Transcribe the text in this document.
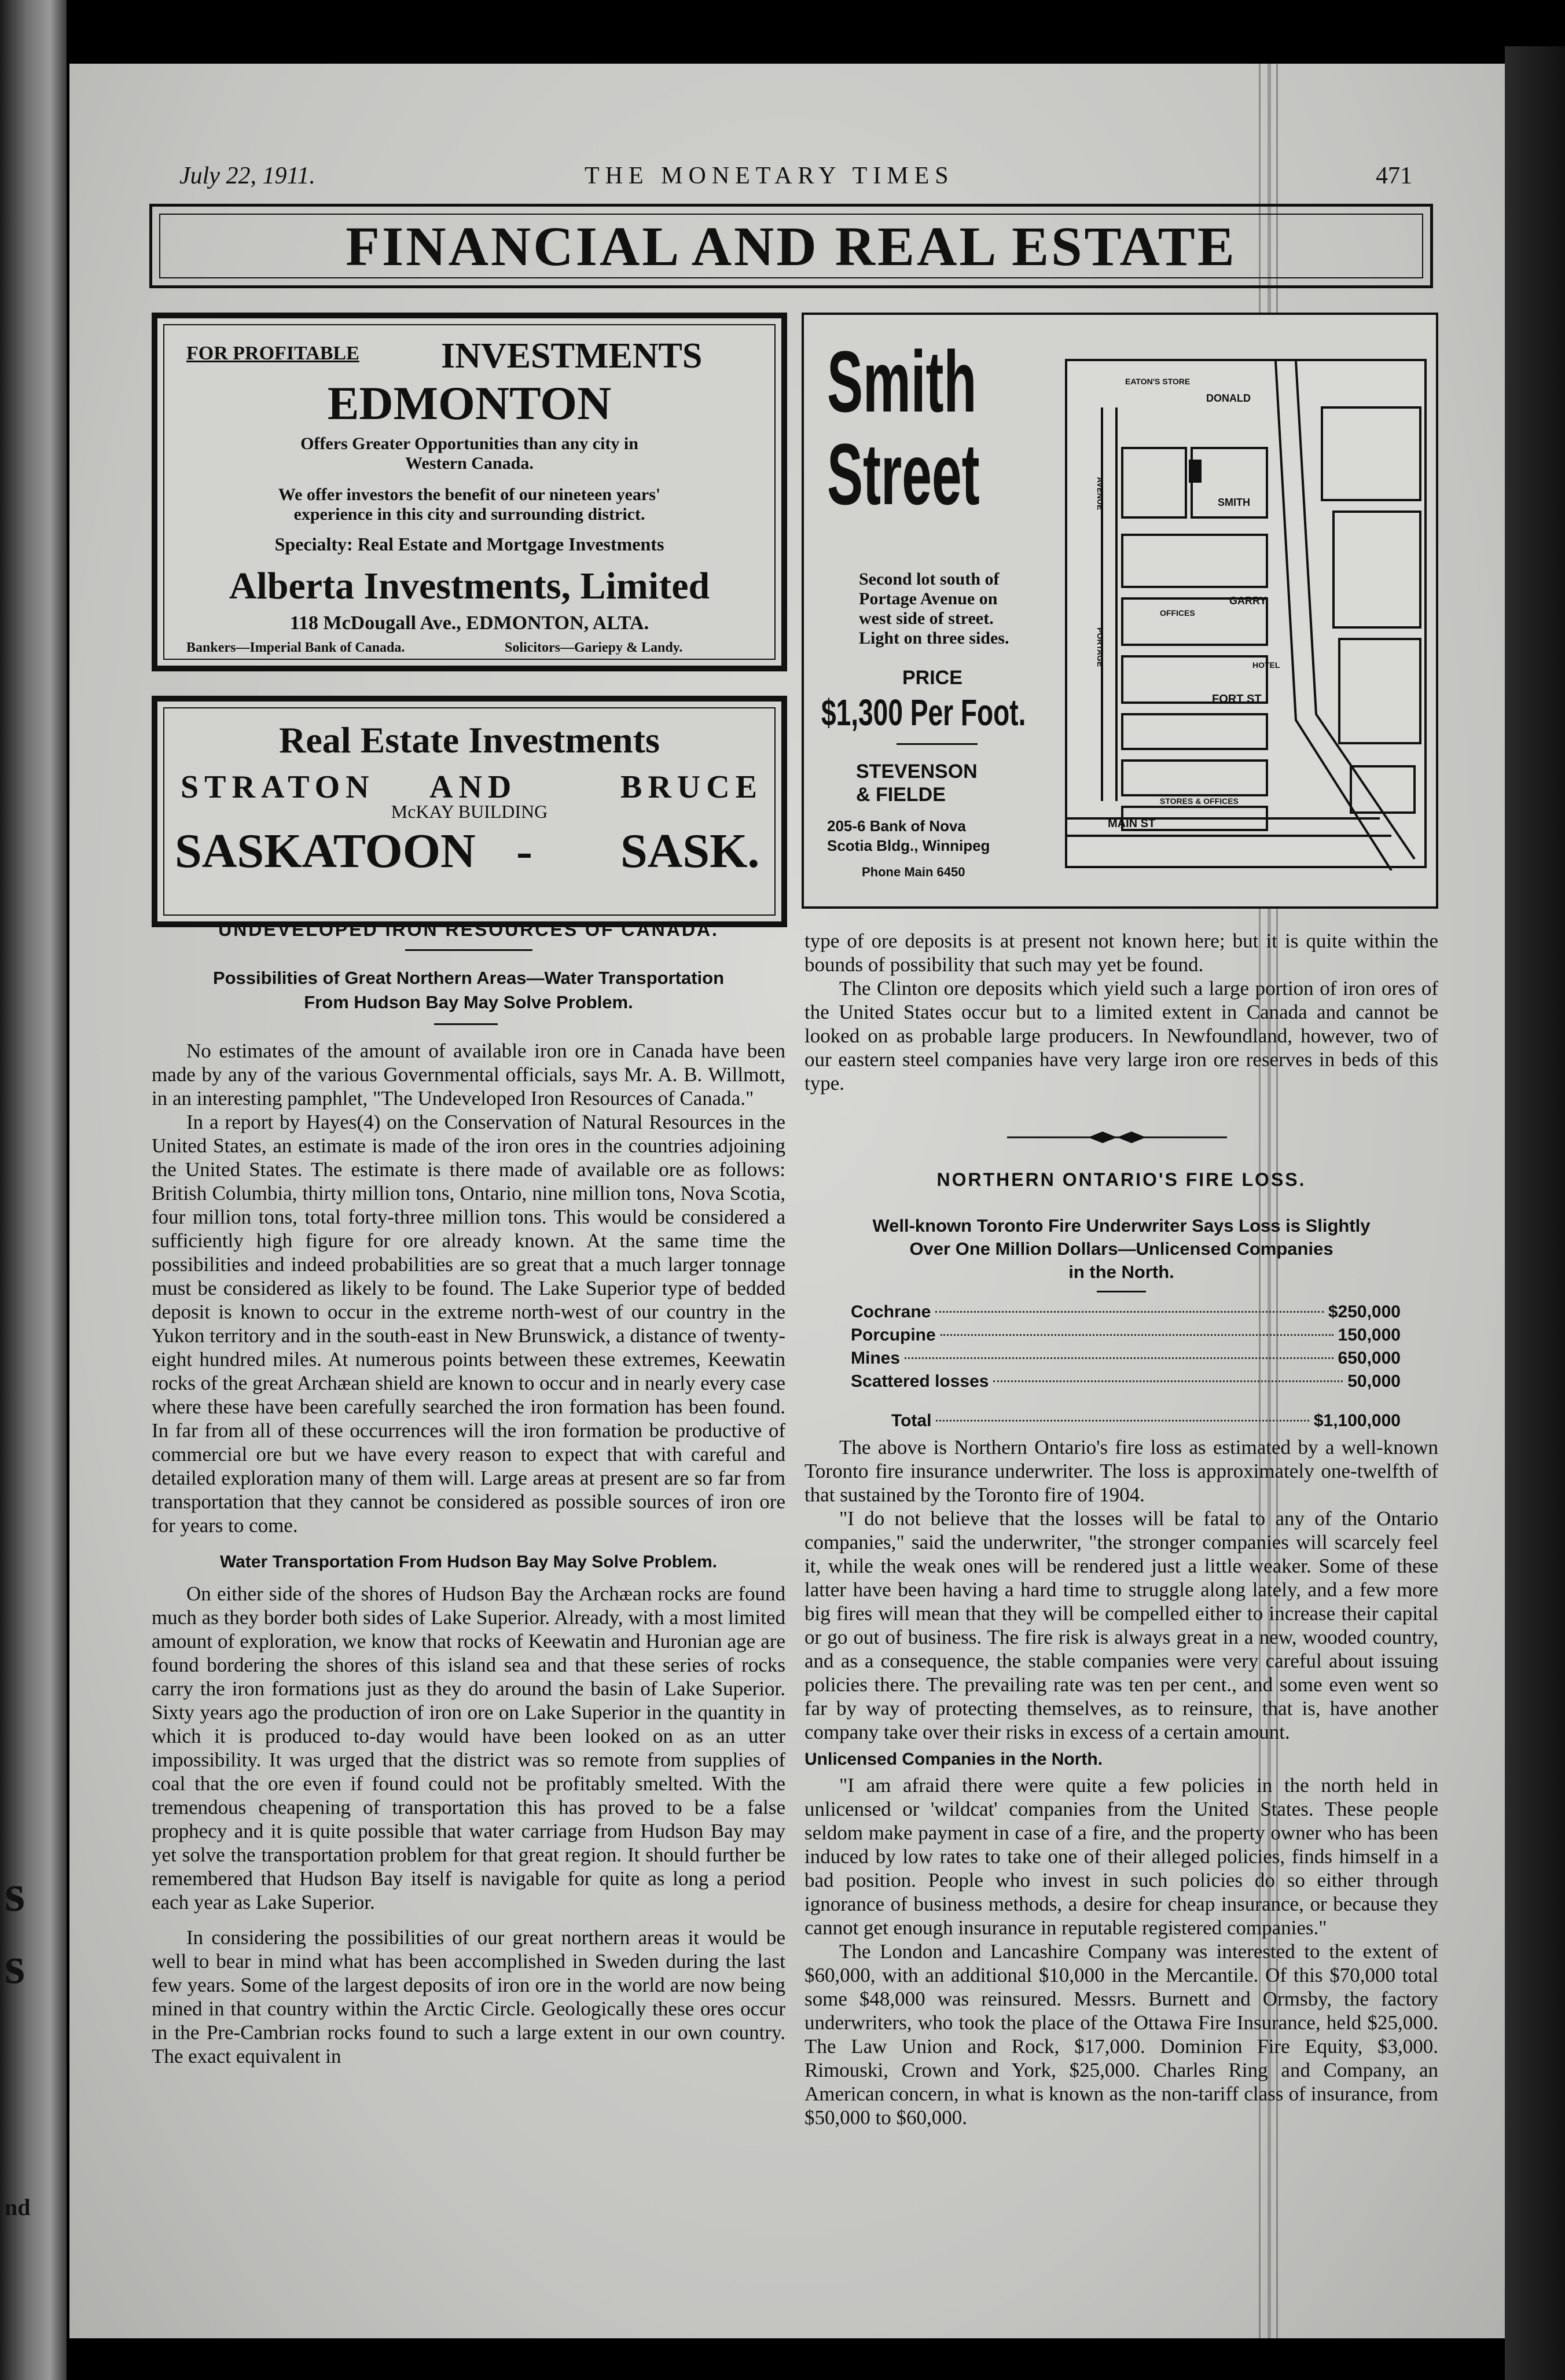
s
s
nd
July 22, 1911.	THE MONETARY TIMES	471
FINANCIAL AND REAL ESTATE
FOR PROFITABLE INVESTMENTS
EDMONTON
Offers Greater Opportunities than any city in
Western Canada.
We offer investors the benefit of our nineteen years'
experience in this city and surrounding district.
Specialty: Real Estate and Mortgage Investments
Alberta Investments, Limited
118 McDougall Ave., EDMONTON, ALTA.
Bankers—Imperial Bank of Canada.	Solicitors—Gariepy & Landy.
Real Estate Investments
STRATON AND	BRUCE
McKAY BUILDING
SASKATOON - SASK.
Smith
Street
Second lot south of
Portage Avenue on
west side of street.
Light on three sides.
PRICE
$1,300 Per Foot.
STEVENSON
& FIELDE
205-6 Bank of Nova
Scotia Bldg., Winnipeg
Phone Main 6450
EATON'S STORE
DONALD
SMITH
GARRY
FORT ST
OFFICES
HOTEL
STORES & OFFICES
MAIN ST
AVENUE
PORTAGE
UNDEVELOPED IRON RESOURCES OF CANADA.
Possibilities of Great Northern Areas—Water Transportation
From Hudson Bay May Solve Problem.

No estimates of the amount of available iron ore in Canada have been made by any of the various Governmental officials, says Mr. A. B. Willmott, in an interesting pamphlet, "The Undeveloped Iron Resources of Canada."

In a report by Hayes(4) on the Conservation of Natural Resources in the United States, an estimate is made of the iron ores in the countries adjoining the United States. The estimate is there made of available ore as follows: British Columbia, thirty million tons, Ontario, nine million tons, Nova Scotia, four million tons, total forty-three million tons. This would be considered a sufficiently high figure for ore already known. At the same time the possibilities and indeed probabilities are so great that a much larger tonnage must be considered as likely to be found. The Lake Superior type of bedded deposit is known to occur in the extreme north-west of our country in the Yukon territory and in the south-east in New Brunswick, a distance of twenty-eight hundred miles. At numerous points between these extremes, Keewatin rocks of the great Archæan shield are known to occur and in nearly every case where these have been carefully searched the iron formation has been found. In far from all of these occurrences will the iron formation be productive of commercial ore but we have every reason to expect that with careful and detailed exploration many of them will. Large areas at present are so far from transportation that they cannot be considered as possible sources of iron ore for years to come.

Water Transportation From Hudson Bay May Solve Problem.

On either side of the shores of Hudson Bay the Archæan rocks are found much as they border both sides of Lake Superior. Already, with a most limited amount of exploration, we know that rocks of Keewatin and Huronian age are found bordering the shores of this island sea and that these series of rocks carry the iron formations just as they do around the basin of Lake Superior. Sixty years ago the production of iron ore on Lake Superior in the quantity in which it is produced to-day would have been looked on as an utter impossibility. It was urged that the district was so remote from supplies of coal that the ore even if found could not be profitably smelted. With the tremendous cheapening of transportation this has proved to be a false prophecy and it is quite possible that water carriage from Hudson Bay may yet solve the transportation problem for that great region. It should further be remembered that Hudson Bay itself is navigable for quite as long a period each year as Lake Superior.

In considering the possibilities of our great northern areas it would be well to bear in mind what has been accomplished in Sweden during the last few years. Some of the largest deposits of iron ore in the world are now being mined in that country within the Arctic Circle. Geologically these ores occur in the Pre-Cambrian rocks found to such a large extent in our own country. The exact equivalent in

type of ore deposits is at present not known here; but it is quite within the bounds of possibility that such may yet be found.

The Clinton ore deposits which yield such a large portion of iron ores of the United States occur but to a limited extent in Canada and cannot be looked on as probable large producers. In Newfoundland, however, two of our eastern steel companies have very large iron ore reserves in beds of this type.

NORTHERN ONTARIO'S FIRE LOSS.
Well-known Toronto Fire Underwriter Says Loss is Slightly
Over One Million Dollars—Unlicensed Companies
in the North.
Cochrane	$250,000
Porcupine	150,000
Mines	650,000
Scattered losses	50,000
Total	$1,100,000

The above is Northern Ontario's fire loss as estimated by a well-known Toronto fire insurance underwriter. The loss is approximately one-twelfth of that sustained by the Toronto fire of 1904.

"I do not believe that the losses will be fatal to any of the Ontario companies," said the underwriter, "the stronger companies will scarcely feel it, while the weak ones will be rendered just a little weaker. Some of these latter have been having a hard time to struggle along lately, and a few more big fires will mean that they will be compelled either to increase their capital or go out of business. The fire risk is always great in a new, wooded country, and as a consequence, the stable companies were very careful about issuing policies there. The prevailing rate was ten per cent., and some even went so far by way of protecting themselves, as to reinsure, that is, have another company take over their risks in excess of a certain amount.

Unlicensed Companies in the North.

"I am afraid there were quite a few policies in the north held in unlicensed or 'wildcat' companies from the United States. These people seldom make payment in case of a fire, and the property owner who has been induced by low rates to take one of their alleged policies, finds himself in a bad position. People who invest in such policies do so either through ignorance of business methods, a desire for cheap insurance, or because they cannot get enough insurance in reputable registered companies."

The London and Lancashire Company was interested to the extent of $60,000, with an additional $10,000 in the Mercantile. Of this $70,000 total some $48,000 was reinsured. Messrs. Burnett and Ormsby, the factory underwriters, who took the place of the Ottawa Fire Insurance, held $25,000. The Law Union and Rock, $17,000. Dominion Fire Equity, $3,000. Rimouski, Crown and York, $25,000. Charles Ring and Company, an American concern, in what is known as the non-tariff class of insurance, from $50,000 to $60,000.
